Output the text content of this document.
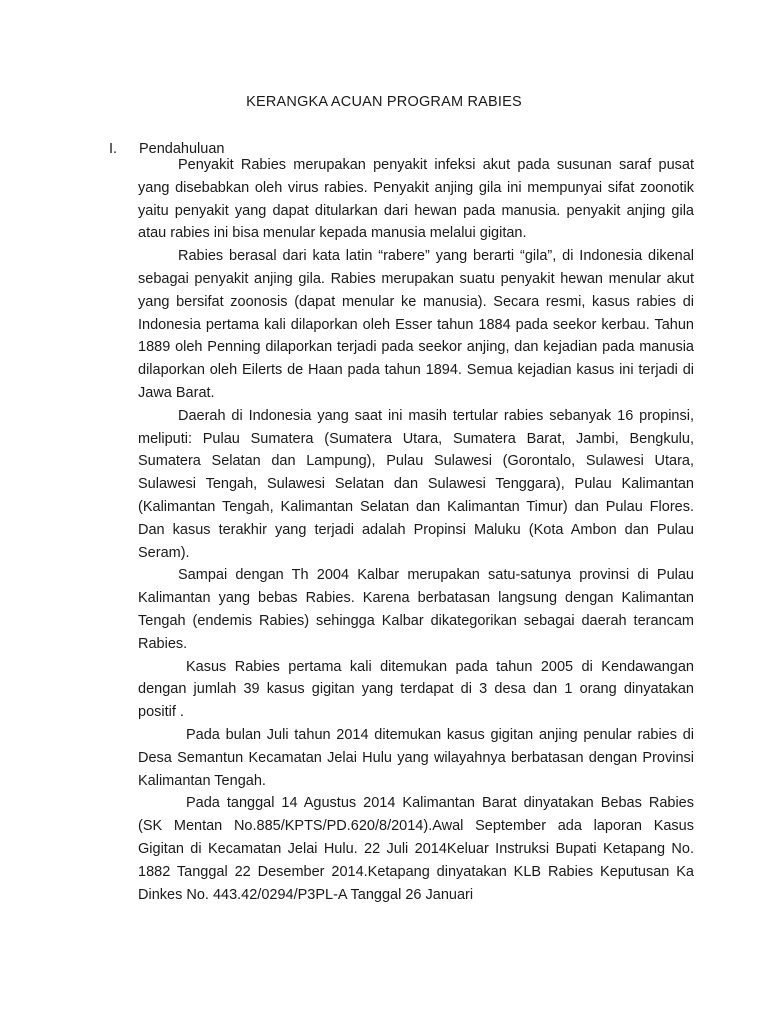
KERANGKA ACUAN PROGRAM RABIES
I. Pendahuluan

Penyakit Rabies merupakan penyakit infeksi akut pada susunan saraf pusat yang disebabkan oleh virus rabies. Penyakit anjing gila ini mempunyai sifat zoonotik yaitu penyakit yang dapat ditularkan dari hewan pada manusia. penyakit anjing gila atau rabies ini bisa menular kepada manusia melalui gigitan.

Rabies berasal dari kata latin “rabere” yang berarti “gila”, di Indonesia dikenal sebagai penyakit anjing gila. Rabies merupakan suatu penyakit hewan menular akut yang bersifat zoonosis (dapat menular ke manusia). Secara resmi, kasus rabies di Indonesia pertama kali dilaporkan oleh Esser tahun 1884 pada seekor kerbau. Tahun 1889 oleh Penning dilaporkan terjadi pada seekor anjing, dan kejadian pada manusia dilaporkan oleh Eilerts de Haan pada tahun 1894. Semua kejadian kasus ini terjadi di Jawa Barat.

Daerah di Indonesia yang saat ini masih tertular rabies sebanyak 16 propinsi, meliputi: Pulau Sumatera (Sumatera Utara, Sumatera Barat, Jambi, Bengkulu, Sumatera Selatan dan Lampung), Pulau Sulawesi (Gorontalo, Sulawesi Utara, Sulawesi Tengah, Sulawesi Selatan dan Sulawesi Tenggara), Pulau Kalimantan (Kalimantan Tengah, Kalimantan Selatan dan Kalimantan Timur) dan Pulau Flores. Dan kasus terakhir yang terjadi adalah Propinsi Maluku (Kota Ambon dan Pulau Seram).

Sampai dengan Th 2004 Kalbar merupakan satu-satunya provinsi di Pulau Kalimantan yang bebas Rabies. Karena berbatasan langsung dengan Kalimantan Tengah (endemis Rabies) sehingga Kalbar dikategorikan sebagai daerah terancam Rabies.

Kasus Rabies pertama kali ditemukan pada tahun 2005 di Kendawangan dengan jumlah 39 kasus gigitan yang terdapat di 3 desa dan 1 orang dinyatakan positif .

Pada bulan Juli tahun 2014 ditemukan kasus gigitan anjing penular rabies di Desa Semantun Kecamatan Jelai Hulu yang wilayahnya berbatasan dengan Provinsi Kalimantan Tengah.

Pada tanggal 14 Agustus 2014 Kalimantan Barat dinyatakan Bebas Rabies (SK Mentan No.885/KPTS/PD.620/8/2014).Awal September ada laporan Kasus Gigitan di Kecamatan Jelai Hulu. 22 Juli 2014Keluar Instruksi Bupati Ketapang No. 1882 Tanggal 22 Desember 2014.Ketapang dinyatakan KLB Rabies Keputusan Ka Dinkes No. 443.42/0294/P3PL-A Tanggal 26 Januari
